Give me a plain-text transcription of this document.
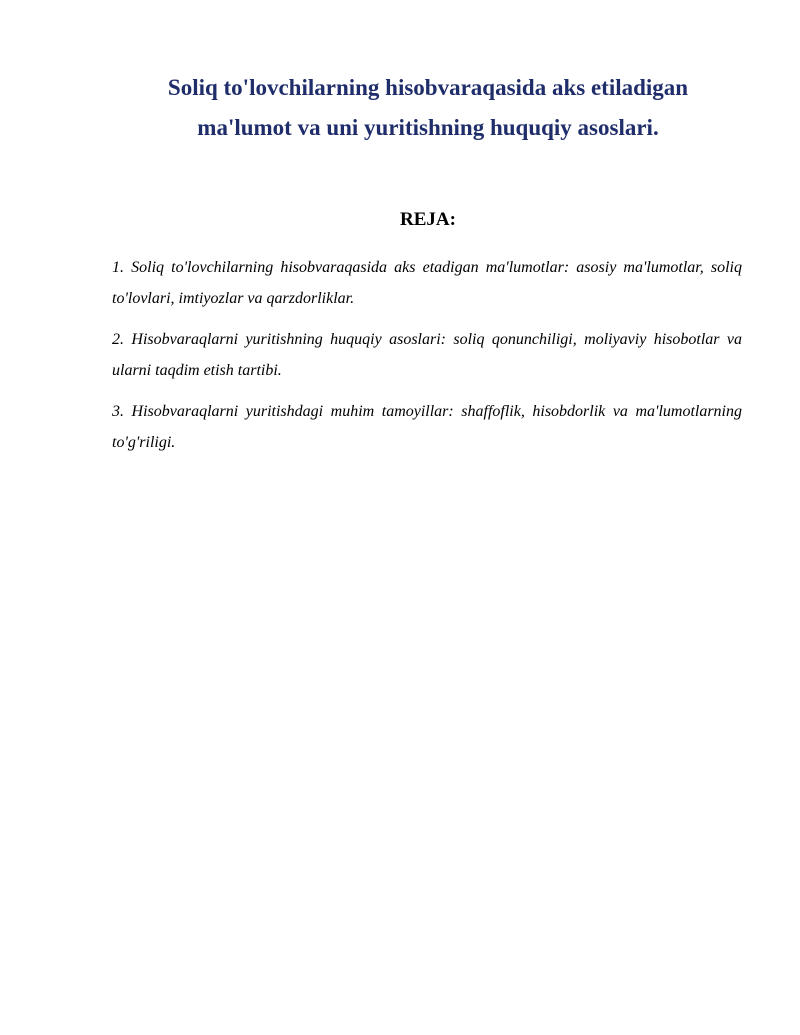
Soliq to'lovchilarning hisobvaraqasida aks etiladigan
ma'lumot va uni yuritishning huquqiy asoslari.
REJA:
1. Soliq to'lovchilarning hisobvaraqasida aks etadigan ma'lumotlar: asosiy ma'lumotlar, soliq to'lovlari, imtiyozlar va qarzdorliklar.
2. Hisobvaraqlarni yuritishning huquqiy asoslari: soliq qonunchiligi, moliyaviy hisobotlar va ularni taqdim etish tartibi.
3. Hisobvaraqlarni yuritishdagi muhim tamoyillar: shaffoflik, hisobdorlik va ma'lumotlarning to'g'riligi.
